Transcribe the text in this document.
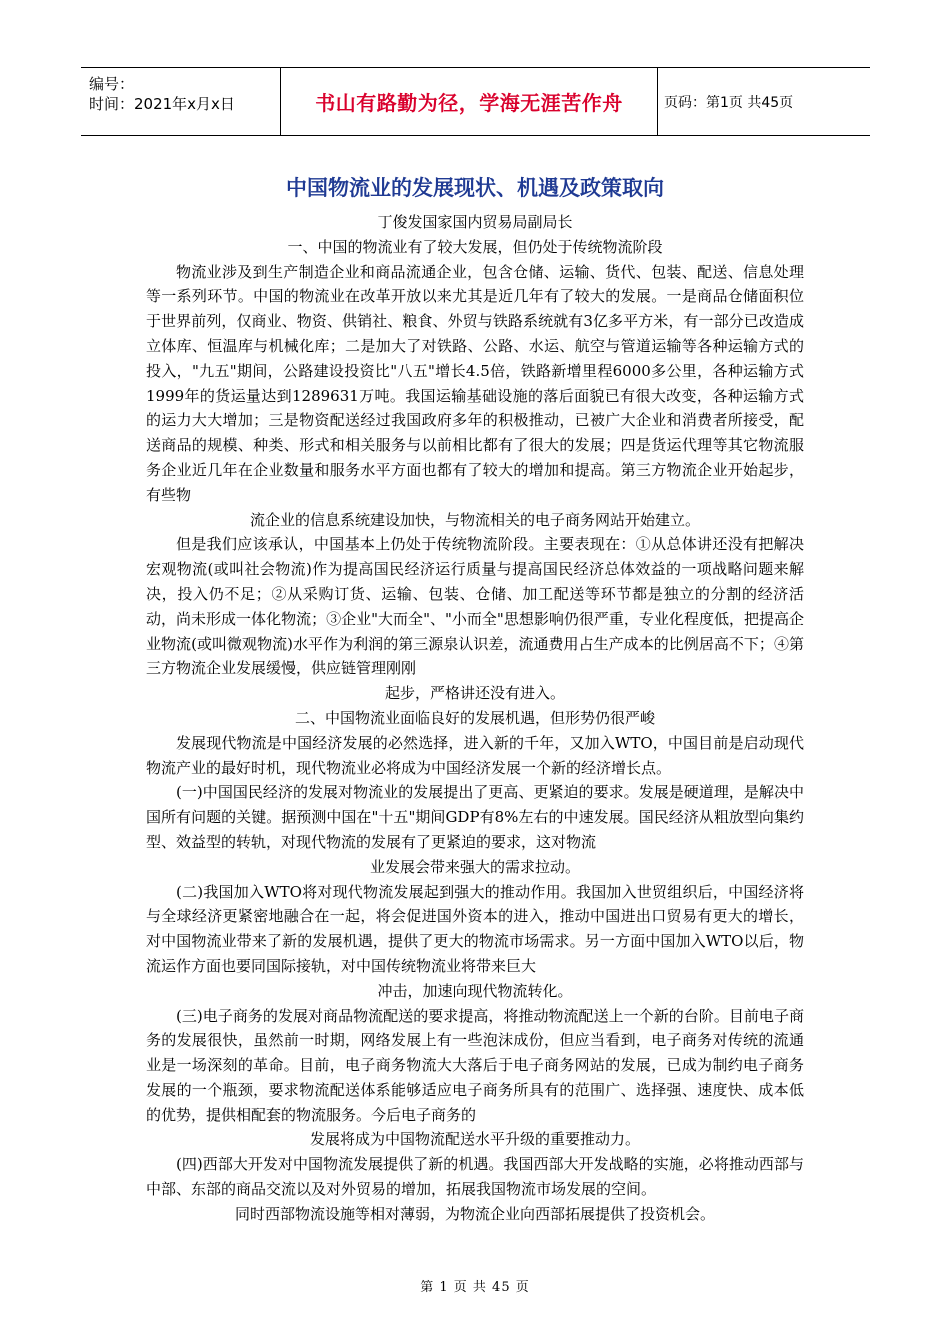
编号：
时间：2021年x月x日	书山有路勤为径，学海无涯苦作舟	页码：第1页 共45页
中国物流业的发展现状、机遇及政策取向

丁俊发国家国内贸易局副局长

一、中国的物流业有了较大发展，但仍处于传统物流阶段

物流业涉及到生产制造企业和商品流通企业，包含仓储、运输、货代、包装、配送、信息处理等一系列环节。中国的物流业在改革开放以来尤其是近几年有了较大的发展。一是商品仓储面积位于世界前列，仅商业、物资、供销社、粮食、外贸与铁路系统就有3亿多平方米，有一部分已改造成立体库、恒温库与机械化库；二是加大了对铁路、公路、水运、航空与管道运输等各种运输方式的投入，"九五"期间，公路建设投资比"八五"增长4.5倍，铁路新增里程6000多公里，各种运输方式1999年的货运量达到1289631万吨。我国运输基础设施的落后面貌已有很大改变，各种运输方式的运力大大增加；三是物资配送经过我国政府多年的积极推动，已被广大企业和消费者所接受，配送商品的规模、种类、形式和相关服务与以前相比都有了很大的发展；四是货运代理等其它物流服务企业近几年在企业数量和服务水平方面也都有了较大的增加和提高。第三方物流企业开始起步，有些物

流企业的信息系统建设加快，与物流相关的电子商务网站开始建立。

但是我们应该承认，中国基本上仍处于传统物流阶段。主要表现在：①从总体讲还没有把解决宏观物流(或叫社会物流)作为提高国民经济运行质量与提高国民经济总体效益的一项战略问题来解决，投入仍不足；②从采购订货、运输、包装、仓储、加工配送等环节都是独立的分割的经济活动，尚未形成一体化物流；③企业"大而全"、"小而全"思想影响仍很严重，专业化程度低，把提高企业物流(或叫微观物流)水平作为利润的第三源泉认识差，流通费用占生产成本的比例居高不下；④第三方物流企业发展缓慢，供应链管理刚刚

起步，严格讲还没有进入。

二、中国物流业面临良好的发展机遇，但形势仍很严峻

发展现代物流是中国经济发展的必然选择，进入新的千年，又加入WTO，中国目前是启动现代物流产业的最好时机，现代物流业必将成为中国经济发展一个新的经济增长点。

(一)中国国民经济的发展对物流业的发展提出了更高、更紧迫的要求。发展是硬道理，是解决中国所有问题的关键。据预测中国在"十五"期间GDP有8%左右的中速发展。国民经济从粗放型向集约型、效益型的转轨，对现代物流的发展有了更紧迫的要求，这对物流

业发展会带来强大的需求拉动。

(二)我国加入WTO将对现代物流发展起到强大的推动作用。我国加入世贸组织后，中国经济将与全球经济更紧密地融合在一起，将会促进国外资本的进入，推动中国进出口贸易有更大的增长，对中国物流业带来了新的发展机遇，提供了更大的物流市场需求。另一方面中国加入WTO以后，物流运作方面也要同国际接轨，对中国传统物流业将带来巨大

冲击，加速向现代物流转化。

(三)电子商务的发展对商品物流配送的要求提高，将推动物流配送上一个新的台阶。目前电子商务的发展很快，虽然前一时期，网络发展上有一些泡沫成份，但应当看到，电子商务对传统的流通业是一场深刻的革命。目前，电子商务物流大大落后于电子商务网站的发展，已成为制约电子商务发展的一个瓶颈，要求物流配送体系能够适应电子商务所具有的范围广、选择强、速度快、成本低的优势，提供相配套的物流服务。今后电子商务的

发展将成为中国物流配送水平升级的重要推动力。

(四)西部大开发对中国物流发展提供了新的机遇。我国西部大开发战略的实施，必将推动西部与中部、东部的商品交流以及对外贸易的增加，拓展我国物流市场发展的空间。

同时西部物流设施等相对薄弱，为物流企业向西部拓展提供了投资机会。

第 1 页 共 45 页
